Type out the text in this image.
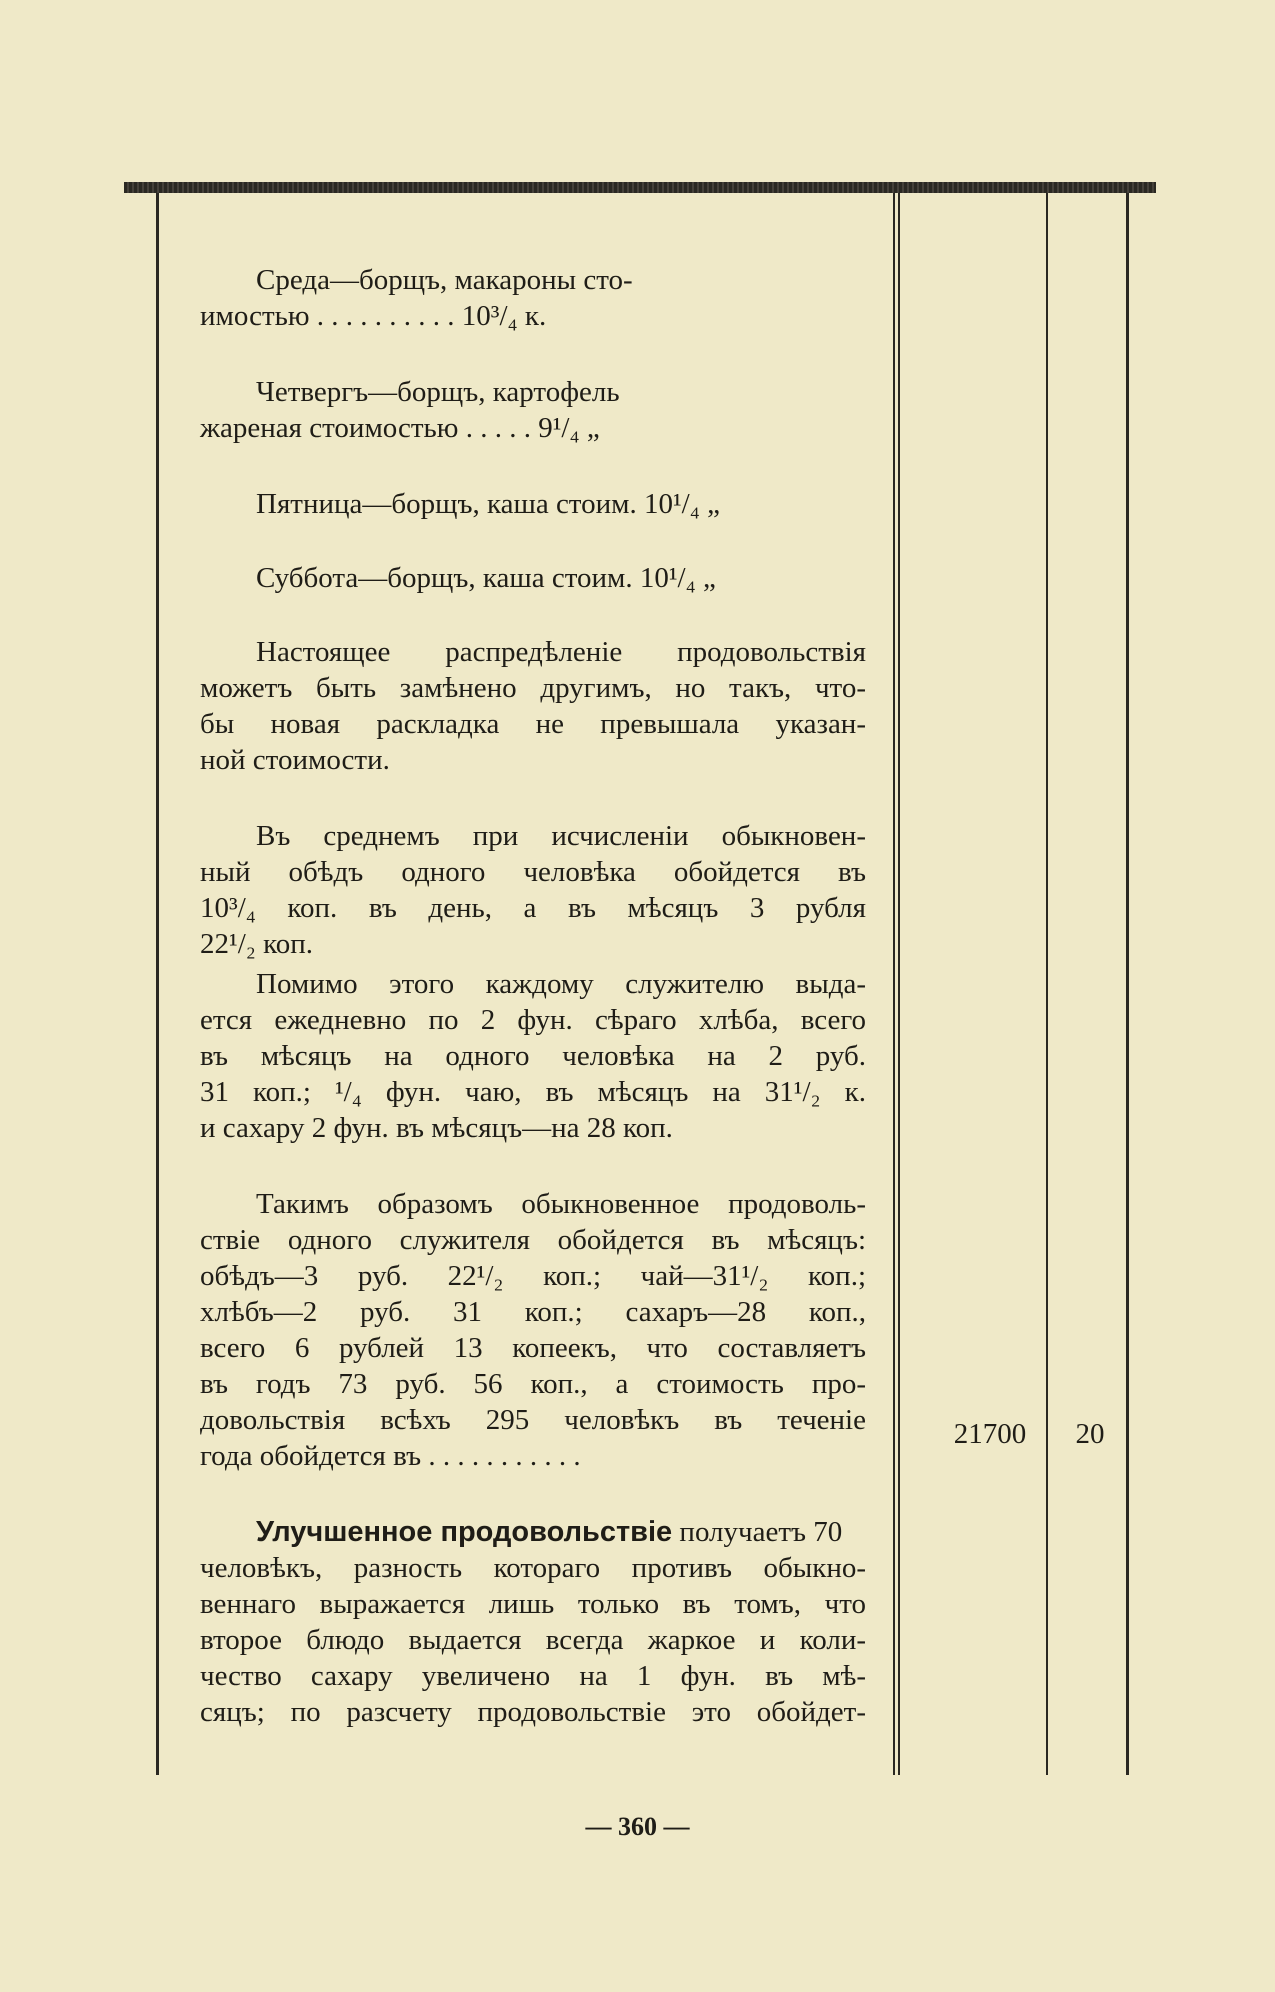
Среда—борщъ, макароны сто-
имостью . . . . . . . . . . 10³/₄ к.
Четвергъ—борщъ, картофель
жареная стоимостью . . . . . 9¹/₄ „
Пятница—борщъ, каша стоим. 10¹/₄ „
Суббота—борщъ, каша стоим. 10¹/₄ „
Настоящее распредѣленіе продовольствія
можетъ быть замѣнено другимъ, но такъ, что-
бы новая раскладка не превышала указан-
ной стоимости.
Въ среднемъ при исчисленіи обыкновен-
ный обѣдъ одного человѣка обойдется въ
10³/₄ коп. въ день, а въ мѣсяцъ 3 рубля
22¹/₂ коп.
Помимо этого каждому служителю выда-
ется ежедневно по 2 фун. сѣраго хлѣба, всего
въ мѣсяцъ на одного человѣка на 2 руб.
31 коп.; ¹/₄ фун. чаю, въ мѣсяцъ на 31¹/₂ к.
и сахару 2 фун. въ мѣсяцъ—на 28 коп.
Такимъ образомъ обыкновенное продоволь-
ствіе одного служителя обойдется въ мѣсяцъ:
обѣдъ—3 руб. 22¹/₂ коп.; чай—31¹/₂ коп.;
хлѣбъ—2 руб. 31 коп.; сахаръ—28 коп.,
всего 6 рублей 13 копеекъ, что составляетъ
въ годъ 73 руб. 56 коп., а стоимость про-
довольствія всѣхъ 295 человѣкъ въ теченіе
года обойдется въ . . . . . . . . . . .
Улучшенное продовольствіе получаетъ 70
человѣкъ, разность котораго противъ обыкно-
веннаго выражается лишь только въ томъ, что
второе блюдо выдается всегда жаркое и коли-
чество сахару увеличено на 1 фун. въ мѣ-
сяцъ; по разсчету продовольствіе это обойдет-
21700	20
— 360 —
